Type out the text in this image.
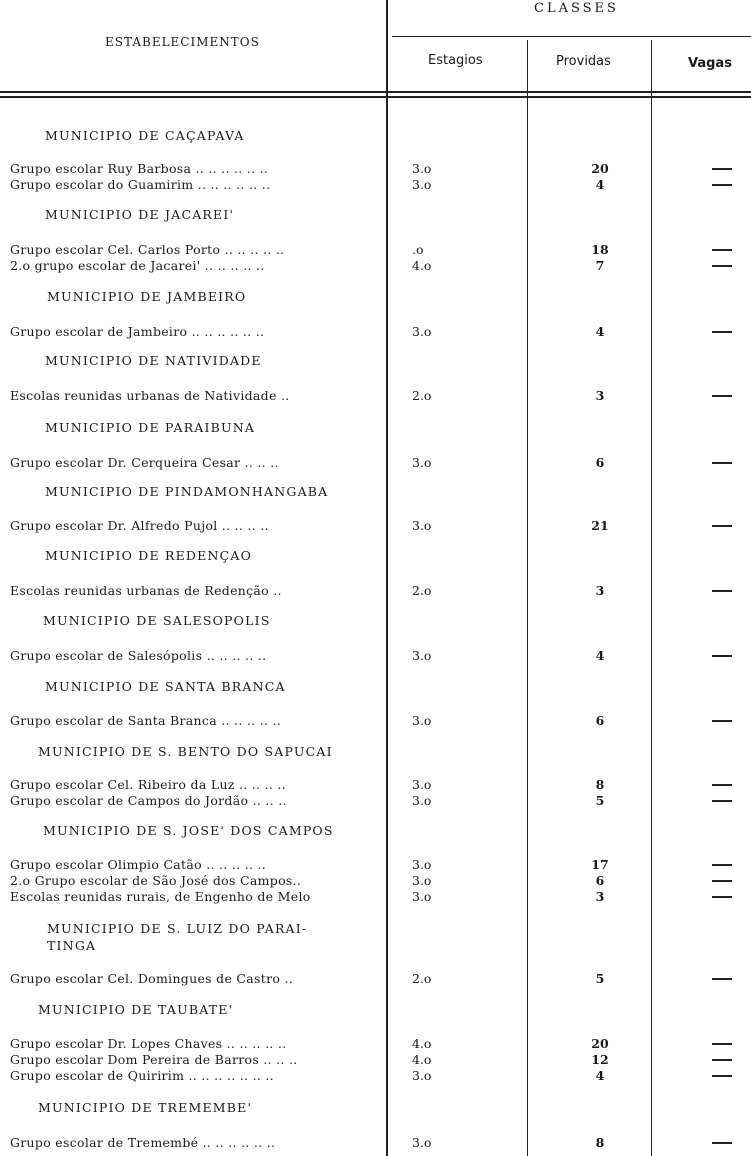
ESTABELECIMENTOS
CLASSES
Estagios	Providas	Vagas
MUNICIPIO DE CAÇAPAVA
Grupo escolar Ruy Barbosa .. .. .. .. .. ..	3.o	20
Grupo escolar do Guamirim .. .. .. .. .. ..	3.o	4
MUNICIPIO DE JACAREI'
Grupo escolar Cel. Carlos Porto .. .. .. .. ..	.o	18
2.o grupo escolar de Jacarei' .. .. .. .. ..	4.o	7
MUNICIPIO DE JAMBEIRO
Grupo escolar de Jambeiro .. .. .. .. .. ..	3.o	4
MUNICIPIO DE NATIVIDADE
Escolas reunidas urbanas de Natividade ..	2.o	3
MUNICIPIO DE PARAIBUNA
Grupo escolar Dr. Cerqueira Cesar .. .. ..	3.o	6
MUNICIPIO DE PINDAMONHANGABA
Grupo escolar Dr. Alfredo Pujol .. .. .. ..	3.o	21
MUNICIPIO DE REDENÇAO
Escolas reunidas urbanas de Redenção ..	2.o	3
MUNICIPIO DE SALESOPOLIS
Grupo escolar de Salesópolis .. .. .. .. ..	3.o	4
MUNICIPIO DE SANTA BRANCA
Grupo escolar de Santa Branca .. .. .. .. ..	3.o	6
MUNICIPIO DE S. BENTO DO SAPUCAI
Grupo escolar Cel. Ribeiro da Luz .. .. .. ..	3.o	8
Grupo escolar de Campos do Jordão .. .. ..	3.o	5
MUNICIPIO DE S. JOSE' DOS CAMPOS
Grupo escolar Olimpio Catão .. .. .. .. ..	3.o	17
2.o Grupo escolar de São José dos Campos..	3.o	6
Escolas reunidas rurais, de Engenho de Melo	3.o	3
MUNICIPIO DE S. LUIZ DO PARAI-
TINGA
Grupo escolar Cel. Domingues de Castro ..	2.o	5
MUNICIPIO DE TAUBATE'
Grupo escolar Dr. Lopes Chaves .. .. .. .. ..	4.o	20
Grupo escolar Dom Pereira de Barros .. .. ..	4.o	12
Grupo escolar de Quiririm .. .. .. .. .. .. ..	3.o	4
MUNICIPIO DE TREMEMBE'
Grupo escolar de Tremembé .. .. .. .. .. ..	3.o	8
